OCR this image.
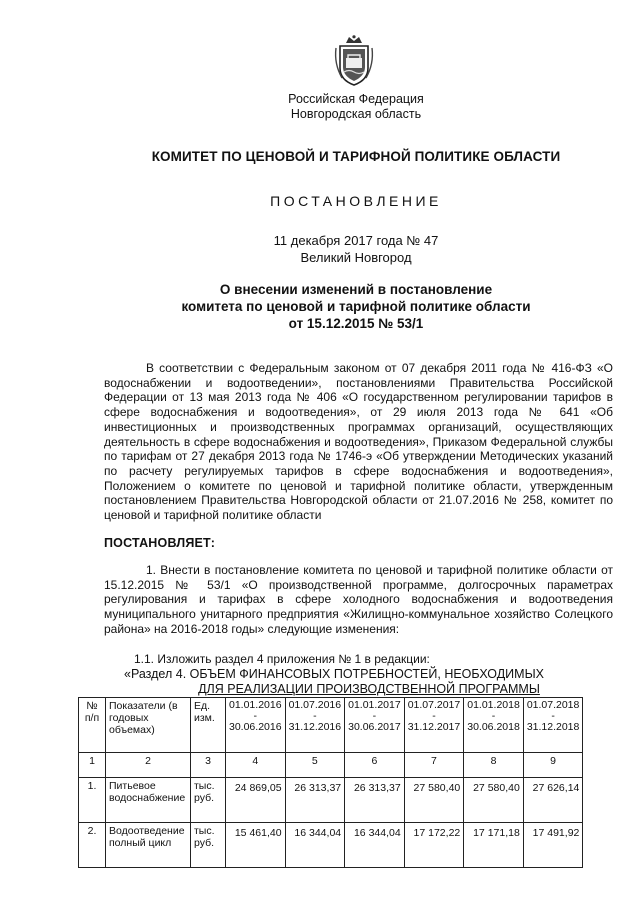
Российская Федерация
Новгородская область
КОМИТЕТ ПО ЦЕНОВОЙ И ТАРИФНОЙ ПОЛИТИКЕ ОБЛАСТИ
ПОСТАНОВЛЕНИЕ
11 декабря 2017 года № 47
Великий Новгород
О внесении изменений в постановление
комитета по ценовой и тарифной политике области
от 15.12.2015 № 53/1
В соответствии с Федеральным законом от 07 декабря 2011 года № 416-ФЗ «О водоснабжении и водоотведении», постановлениями Правительства Российской Федерации от 13 мая 2013 года № 406 «О государственном регулировании тарифов в сфере водоснабжения и водоотведения», от 29 июля 2013 года № 641 «Об инвестиционных и производственных программах организаций, осуществляющих деятельность в сфере водоснабжения и водоотведения», Приказом Федеральной службы по тарифам от 27 декабря 2013 года № 1746-э «Об утверждении Методических указаний по расчету регулируемых тарифов в сфере водоснабжения и водоотведения», Положением о комитете по ценовой и тарифной политике области, утвержденным постановлением Правительства Новгородской области от 21.07.2016 № 258, комитет по ценовой и тарифной политике области
ПОСТАНОВЛЯЕТ:
1. Внести в постановление комитета по ценовой и тарифной политике области от 15.12.2015 № 53/1 «О производственной программе, долгосрочных параметрах регулирования и тарифах в сфере холодного водоснабжения и водоотведения муниципального унитарного предприятия «Жилищно-коммунальное хозяйство Солецкого района» на 2016-2018 годы» следующие изменения:
1.1. Изложить раздел 4 приложения № 1 в редакции:
«Раздел 4. ОБЪЕМ ФИНАНСОВЫХ ПОТРЕБНОСТЕЙ, НЕОБХОДИМЫХ
ДЛЯ РЕАЛИЗАЦИИ ПРОИЗВОДСТВЕННОЙ ПРОГРАММЫ
№ п/п	Показатели (в годовых объемах)	Ед. изм.	01.01.2016
-
30.06.2016	01.07.2016
-
31.12.2016	01.01.2017
-
30.06.2017	01.07.2017
-
31.12.2017	01.01.2018
-
30.06.2018	01.07.2018
-
31.12.2018

1	2	3	4	5	6	7	8	9
1.	Питьевое водоснабжение	тыс. руб.	24 869,05	26 313,37	26 313,37	27 580,40	27 580,40	27 626,14
2.	Водоотведение полный цикл	тыс. руб.	15 461,40	16 344,04	16 344,04	17 172,22	17 171,18	17 491,92
